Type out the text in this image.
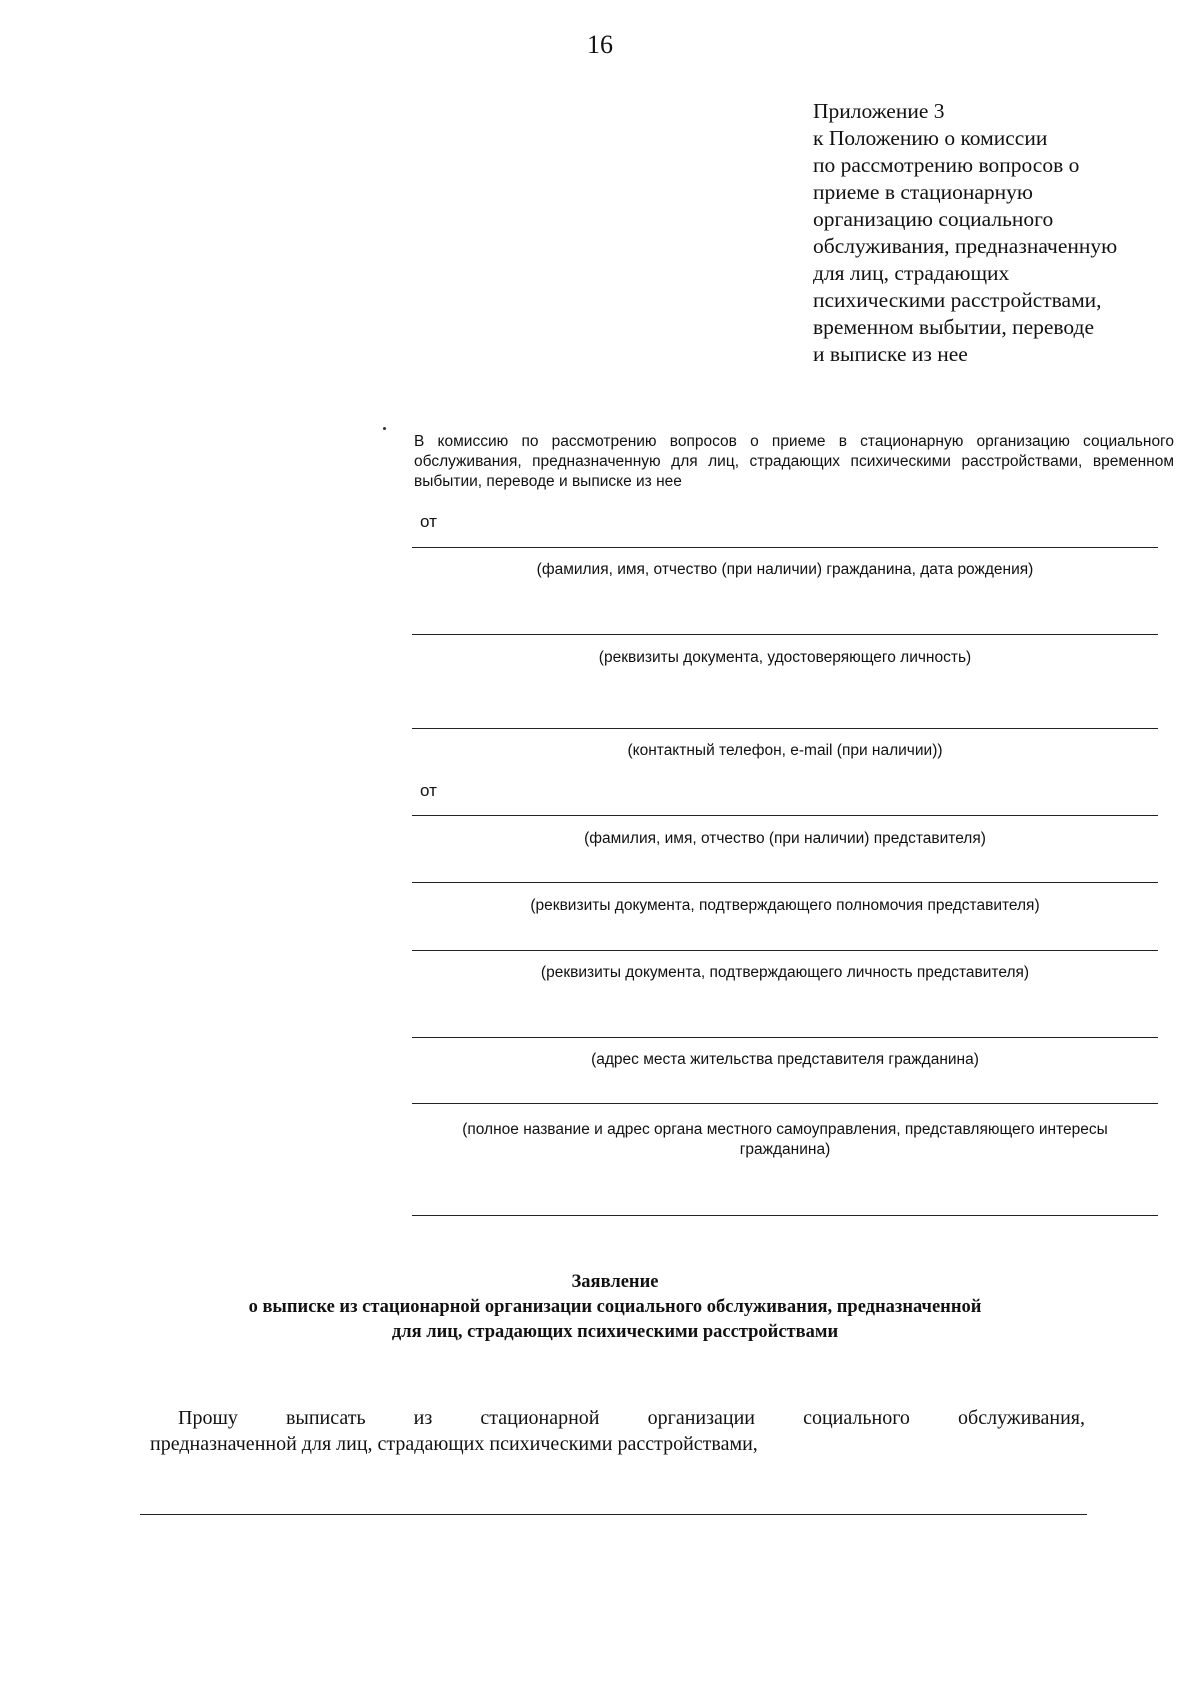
16
Приложение 3
к Положению о комиссии
по рассмотрению вопросов о
приеме в стационарную
организацию социального
обслуживания, предназначенную
для лиц, страдающих
психическими расстройствами,
временном выбытии, переводе
и выписке из нее
В комиссию по рассмотрению вопросов о приеме в стационарную организацию социального обслуживания, предназначенную для лиц, страдающих психическими расстройствами, временном выбытии, переводе и выписке из нее
от
(фамилия, имя, отчество (при наличии) гражданина, дата рождения)
(реквизиты документа, удостоверяющего личность)
(контактный телефон, e-mail (при наличии))
от
(фамилия, имя, отчество (при наличии) представителя)
(реквизиты документа, подтверждающего полномочия представителя)
(реквизиты документа, подтверждающего личность представителя)
(адрес места жительства представителя гражданина)
(полное название и адрес органа местного самоуправления, представляющего интересы гражданина)
Заявление
о выписке из стационарной организации социального обслуживания, предназначенной
для лиц, страдающих психическими расстройствами
Прошу выписать из стационарной организации социального обслуживания,
предназначенной для лиц, страдающих психическими расстройствами,
